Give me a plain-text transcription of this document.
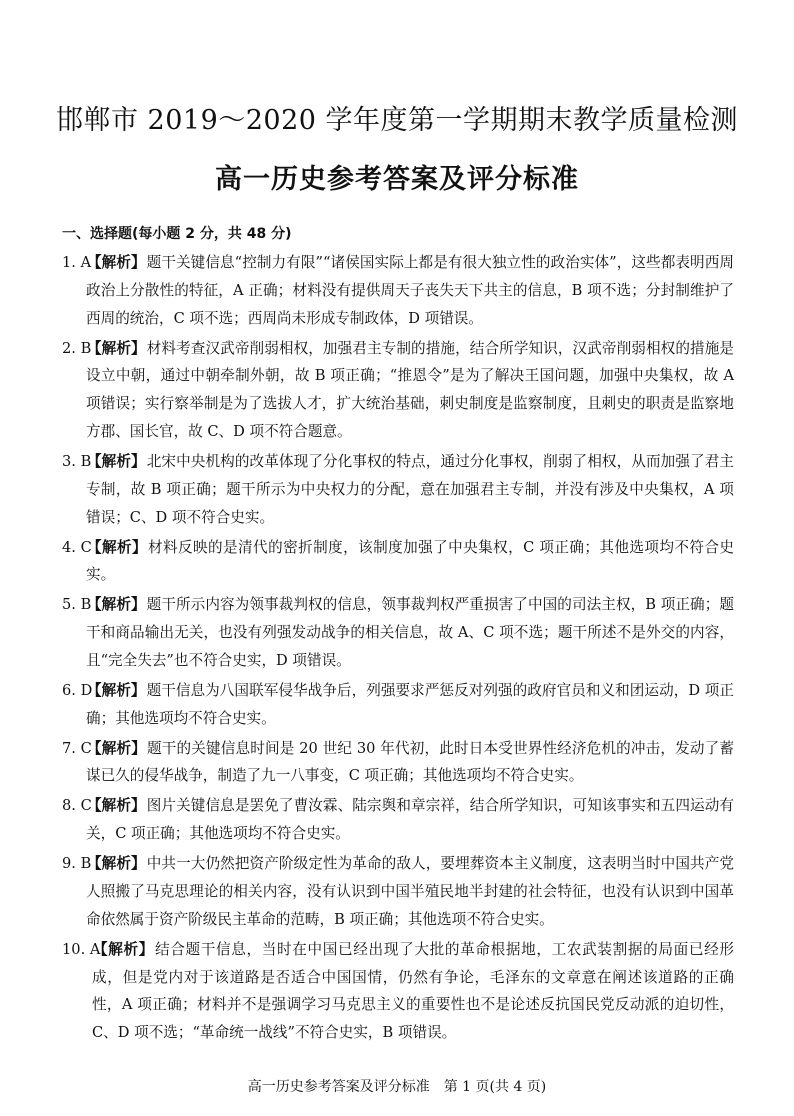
邯郸市 2019～2020 学年度第一学期期末教学质量检测
高一历史参考答案及评分标准
一、选择题(每小题 2 分，共 48 分)
1. A
【解析】题干关键信息“控制力有限”“诸侯国实际上都是有很大独立性的政治实体”，这些都表明西周政治上分散性的特征，A 正确；材料没有提供周天子丧失天下共主的信息，B 项不选；分封制维护了西周的统治，C 项不选；西周尚未形成专制政体，D 项错误。
2. B
【解析】材料考查汉武帝削弱相权，加强君主专制的措施，结合所学知识，汉武帝削弱相权的措施是设立中朝，通过中朝牵制外朝，故 B 项正确；“推恩令”是为了解决王国问题，加强中央集权，故 A 项错误；实行察举制是为了选拔人才，扩大统治基础，刺史制度是监察制度，且刺史的职责是监察地方郡、国长官，故 C、D 项不符合题意。
3. B
【解析】北宋中央机构的改革体现了分化事权的特点，通过分化事权，削弱了相权，从而加强了君主专制，故 B 项正确；题干所示为中央权力的分配，意在加强君主专制，并没有涉及中央集权，A 项错误；C、D 项不符合史实。
4. C
【解析】材料反映的是清代的密折制度，该制度加强了中央集权，C 项正确；其他选项均不符合史实。
5. B
【解析】题干所示内容为领事裁判权的信息，领事裁判权严重损害了中国的司法主权，B 项正确；题干和商品输出无关，也没有列强发动战争的相关信息，故 A、C 项不选；题干所述不是外交的内容，且“完全失去”也不符合史实，D 项错误。
6. D
【解析】题干信息为八国联军侵华战争后，列强要求严惩反对列强的政府官员和义和团运动，D 项正确；其他选项均不符合史实。
7. C
【解析】题干的关键信息时间是 20 世纪 30 年代初，此时日本受世界性经济危机的冲击，发动了蓄谋已久的侵华战争，制造了九一八事变，C 项正确；其他选项均不符合史实。
8. C
【解析】图片关键信息是罢免了曹汝霖、陆宗舆和章宗祥，结合所学知识，可知该事实和五四运动有关，C 项正确；其他选项均不符合史实。
9. B
【解析】中共一大仍然把资产阶级定性为革命的敌人，要埋葬资本主义制度，这表明当时中国共产党人照搬了马克思理论的相关内容，没有认识到中国半殖民地半封建的社会特征，也没有认识到中国革命依然属于资产阶级民主革命的范畴，B 项正确；其他选项不符合史实。
10. A
【解析】结合题干信息，当时在中国已经出现了大批的革命根据地，工农武装割据的局面已经形成，但是党内对于该道路是否适合中国国情，仍然有争论，毛泽东的文章意在阐述该道路的正确性，A 项正确；材料并不是强调学习马克思主义的重要性也不是论述反抗国民党反动派的迫切性，C、D 项不选；“革命统一战线”不符合史实，B 项错误。
高一历史参考答案及评分标准　第 1 页(共 4 页)
